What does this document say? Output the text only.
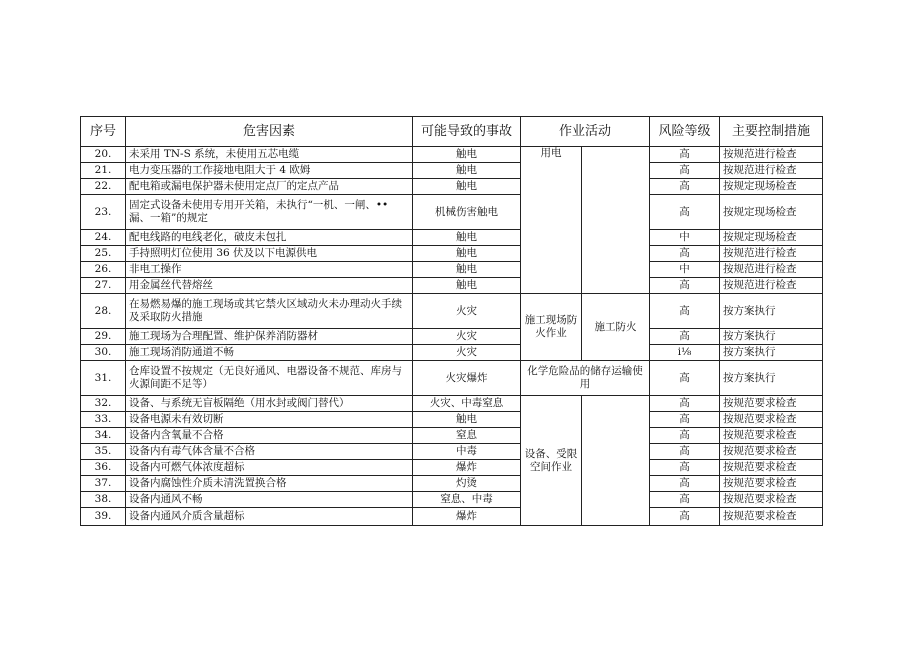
序号	危害因素	可能导致的事故	作业活动		风险等级	主要控制措施
20.	未采用 TN-S 系统，未使用五芯电缆	触电	用电		高	按规范进行检查
21.	电力变压器的工作接地电阻大于 4 欧姆	触电			高	按规范进行检查
22.	配电箱或漏电保护器未使用定点厂的定点产品	触电			高	按规定现场检查
23.	固定式设备未使用专用开关箱，未执行“一机、一闸、•• 漏、一箱”的规定	机械伤害触电			高	按规定现场检查
24.	配电线路的电线老化，破皮未包扎	触电			中	按规定现场检查
25.	手持照明灯位使用 36 伏及以下电源供电	触电			高	按规范进行检查
26.	非电工操作	触电			中	按规范进行检查
27.	用金属丝代替熔丝	触电			高	按规范进行检查
28.	在易燃易爆的施工现场或其它禁火区域动火未办理动火手续及采取防火措施	火灾	施工现场防火作业	施工防火	高	按方案执行
29.	施工现场为合理配置、维护保养消防器材	火灾			高	按方案执行
30.	施工现场消防通道不畅	火灾			i⅛	按方案执行
31.	仓库设置不按规定（无良好通风、电器设备不规范、库房与火源间距不足等）	火灾爆炸	化学危险品的储存运输使用		高	按方案执行
32.	设备、与系统无盲板隔绝（用水封或阀门替代）	火灾、中毒窒息	设备、受限空间作业		高	按规范要求检查
33.	设备电源未有效切断	触电			高	按规范要求检查
34.	设备内含氧量不合格	窒息			高	按规范要求检查
35.	设备内有毒气体含量不合格	中毒			高	按规范要求检查
36.	设备内可燃气体浓度超标	爆炸			高	按规范要求检查
37.	设备内腐蚀性介质未清洗置换合格	灼烫			高	按规范要求检查
38.	设备内通风不畅	窒息、中毒			高	按规范要求检查
39.	设备内通风介质含量超标	爆炸			高	按规范要求检查
